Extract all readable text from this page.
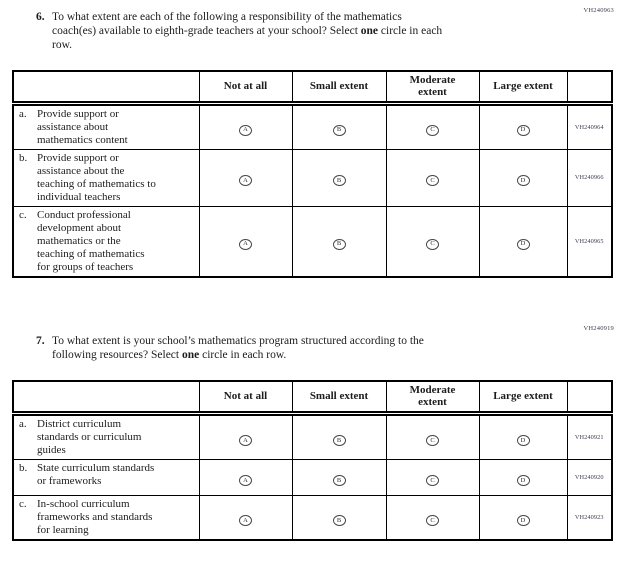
VH240963
6. To what extent are each of the following a responsibility of the mathematics
coach(es) available to eighth-grade teachers at your school? Select one circle in each
row.
	Not at all	Small extent	Moderate
extent	Large extent	

a. Provide support or
assistance about
mathematics content	A	B	C	D	VH240964

b. Provide support or
assistance about the
teaching of mathematics to
individual teachers	A	B	C	D	VH240966

c. Conduct professional
development about
mathematics or the
teaching of mathematics
for groups of teachers
	A	B	C	D	VH240965
VH240919
7. To what extent is your school’s mathematics program structured according to the
following resources? Select one circle in each row.
	Not at all	Small extent	Moderate
extent	Large extent	

a. District curriculum
standards or curriculum
guides	A	B	C	D	VH240921

b. State curriculum standards
or frameworks	A	B	C	D	VH240920

c. In-school curriculum
frameworks and standards
for learning	A	B	C	D	VH240923
